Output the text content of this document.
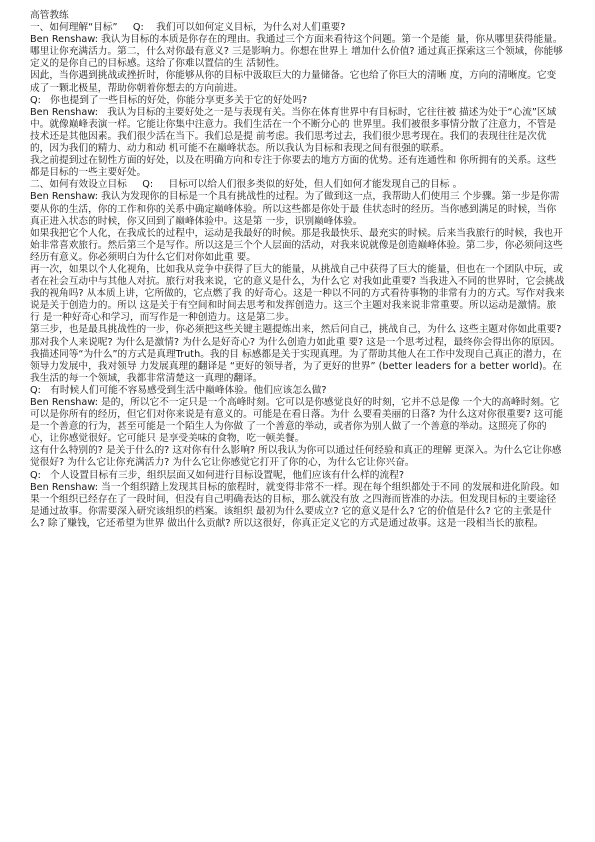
高管教练

一、如何理解“目标”     Q:    我们可以如何定义目标，为什么对人们重要?

Ben Renshaw: 我认为目标的本质是你存在的理由。我通过三个方面来看待这个问题。第一个是能  量，你从哪里获得能量。哪里让你充满活力。第二，什么对你最有意义? 三是影响力。你想在世界上 增加什么价值? 通过真正探索这三个领域，你能够定义的是你自己的目标感。这给了你难以置信的生 活韧性。

因此，当你遇到挑战或挫折时，你能够从你的目标中汲取巨大的力量储备。它也给了你巨大的清晰 度，方向的清晰度。它变成了一颗北极星，帮助你朝着你想去的方向前进。

Q:   你也提到了一些目标的好处，你能分享更多关于它的好处吗?

Ben Renshaw:   我认为目标的主要好处之一是与表现有关。当你在体育世界中有目标时，它往往被 描述为处于“心流”区域中。就像巅峰表演一样。它能让你集中注意力。我们生活在一个不断分心的 世界里。我们被很多事情分散了注意力，不管是技术还是其他因素。我们很少活在当下。我们总是提 前考虑。我们思考过去，我们很少思考现在。我们的表现往往是次优的，因为我们的精力、动力和动 机可能不在巅峰状态。所以我认为目标和表现之间有很强的联系。

我之前提到过在韧性方面的好处，以及在明确方向和专注于你要去的地方方面的优势。还有连通性和 你所拥有的关系。这些都是目标的一些主要好处。

二、如何有效设立目标     Q:     目标可以给人们很多类似的好处，但人们如何才能发现自己的目标 。

Ben Renshaw: 我认为发现你的目标是一个具有挑战性的过程。为了做到这一点，我帮助人们使用三 个步骤。第一步是你需要从你的生活，你的工作和你的关系中确定巅峰体验。所以这些都是你处于最 佳状态时的经历。当你感到满足的时候，当你真正进入状态的时候，你又回到了巅峰体验中。这是第 一步，识别巅峰体验。

如果我把它个人化，在我成长的过程中，运动是我最好的时候。那是我最快乐、最充实的时候。后来当我旅行的时候，我也开始非常喜欢旅行。然后第三个是写作。所以这是三个个人层面的活动，对我来说就像是创造巅峰体验。第二步，你必须问这些经历有意义。你必须明白为什么它们对你如此重 要。

再一次，如果以个人化视角，比如我从竞争中获得了巨大的能量，从挑战自己中获得了巨大的能量，但也在一个团队中玩，或者在社会互动中与其他人对抗。旅行对我来说，它的意义是什么，为什么它 对我如此重要? 当我进入不同的世界时，它会挑战我的视角吗? 从本质上讲，它所做的，它点燃了我 的好奇心。这是一种以不同的方式看待事物的非常有力的方式。写作对我来说是关于创造力的。所以 这是关于有空间和时间去思考和发挥创造力。这三个主题对我来说非常重要。所以运动是激情。旅行 是一种好奇心和学习，而写作是一种创造力。这是第二步。

第三步，也是最具挑战性的一步，你必须把这些关键主题提炼出来，然后问自己，挑战自己，为什么 这些主题对你如此重要? 那对我个人来说呢? 为什么是激情? 为什么是好奇心? 为什么创造力如此重 要? 这是一个思考过程，最终你会得出你的原因。我描述同等“为什么”的方式是真理Truth。我的目 标感都是关于实现真理。为了帮助其他人在工作中发现自己真正的潜力，在领导力发展中，我对领导 力发展真理的翻译是 “更好的领导者，为了更好的世界” (better leaders for a better world)。在我生活的每一个领域，我都非常清楚这一真理的翻译。

Q:   有时候人们可能不容易感受到生活中巅峰体验。他们应该怎么做?

Ben Renshaw: 是的，所以它不一定只是一个高峰时刻。它可以是你感觉良好的时刻，它并不总是像 一个大的高峰时刻。它可以是你所有的经历，但它们对你来说是有意义的。可能是在看日落。为什 么要看美丽的日落? 为什么这对你很重要? 这可能是一个善意的行为，甚至可能是一个陌生人为你做 了一个善意的举动，或者你为别人做了一个善意的举动。这照亮了你的心，让你感觉很好。它可能只 是享受美味的食物，吃一顿美餐。

这有什么特别的? 是关于什么的? 这对你有什么影响? 所以我认为你可以通过任何经验和真正的理解 更深入。为什么它让你感觉很好? 为什么它让你充满活力? 为什么它让你感觉它打开了你的心，为什么它让你兴奋。

Q:   个人设置目标有三步，组织层面又如何进行目标设置呢，他们应该有什么样的流程?

Ben Renshaw: 当一个组织踏上发现其目标的旅程时，就变得非常不一样。现在每个组织都处于不同 的发展和进化阶段。如果一个组织已经存在了一段时间，但没有自己明确表达的目标，那么就没有放 之四海而皆准的办法。但发现目标的主要途径是通过故事。你需要深入研究该组织的档案。该组织 最初为什么要成立? 它的意义是什么? 它的价值是什么? 它的主张是什么? 除了赚钱，它还希望为世界 做出什么贡献? 所以这很好，你真正定义它的方式是通过故事。这是一段相当长的旅程。
